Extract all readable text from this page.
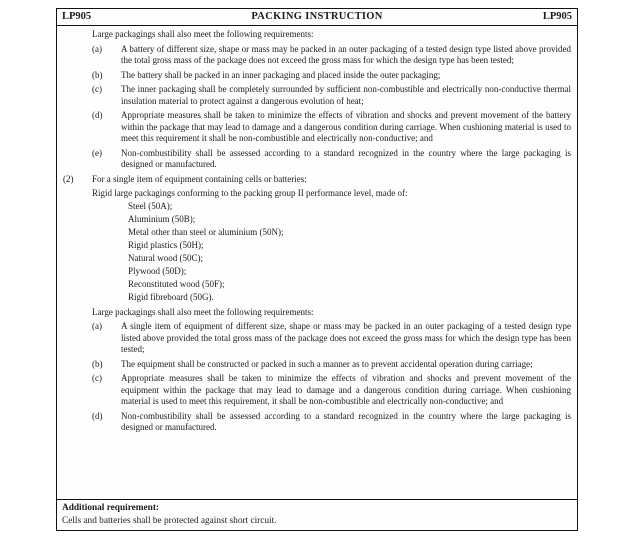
LP905	PACKING INSTRUCTION	LP905
Large packagings shall also meet the following requirements:
(a)	A battery of different size, shape or mass may be packed in an outer packaging of a tested design type listed above provided the total gross mass of the package does not exceed the gross mass for which the design type has been tested;
(b)	The battery shall be packed in an inner packaging and placed inside the outer packaging;
(c)	The inner packaging shall be completely surrounded by sufficient non-combustible and electrically non-conductive thermal insulation material to protect against a dangerous evolution of heat;
(d)	Appropriate measures shall be taken to minimize the effects of vibration and shocks and prevent movement of the battery within the package that may lead to damage and a dangerous condition during carriage. When cushioning material is used to meet this requirement it shall be non-combustible and electrically non-conductive; and
(e)	Non-combustibility shall be assessed according to a standard recognized in the country where the large packaging is designed or manufactured.
(2)	For a single item of equipment containing cells or batteries:
Rigid large packagings conforming to the packing group II performance level, made of:
Steel (50A);
Aluminium (50B);
Metal other than steel or aluminium (50N);
Rigid plastics (50H);
Natural wood (50C);
Plywood (50D);
Reconstituted wood (50F);
Rigid fibreboard (50G).
Large packagings shall also meet the following requirements:
(a)	A single item of equipment of different size, shape or mass may be packed in an outer packaging of a tested design type listed above provided the total gross mass of the package does not exceed the gross mass for which the design type has been tested;
(b)	The equipment shall be constructed or packed in such a manner as to prevent accidental operation during carriage;
(c)	Appropriate measures shall be taken to minimize the effects of vibration and shocks and prevent movement of the equipment within the package that may lead to damage and a dangerous condition during carriage. When cushioning material is used to meet this requirement, it shall be non-combustible and electrically non-conductive; and
(d)	Non-combustibility shall be assessed according to a standard recognized in the country where the large packaging is designed or manufactured.
Additional requirement:
Cells and batteries shall be protected against short circuit.
